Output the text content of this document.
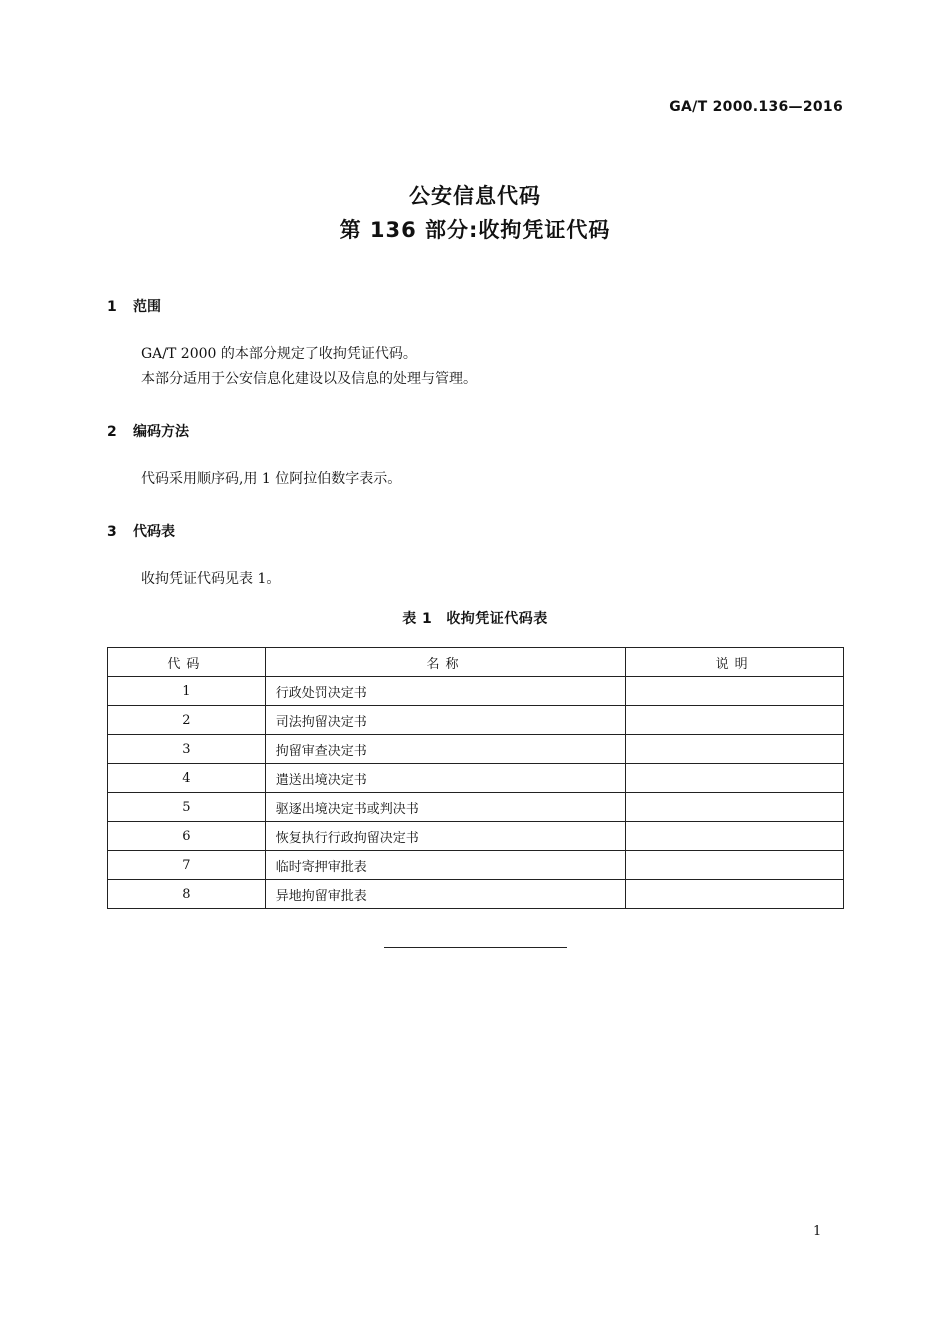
GA/T 2000.136—2016
公安信息代码
第 136 部分:收拘凭证代码
1 范围
GA/T 2000 的本部分规定了收拘凭证代码。
本部分适用于公安信息化建设以及信息的处理与管理。
2 编码方法
代码采用顺序码,用 1 位阿拉伯数字表示。
3 代码表
收拘凭证代码见表 1。
表 1 收拘凭证代码表
代码	名称	说明
1	行政处罚决定书	
2	司法拘留决定书	
3	拘留审查决定书	
4	遣送出境决定书	
5	驱逐出境决定书或判决书	
6	恢复执行行政拘留决定书	
7	临时寄押审批表	
8	异地拘留审批表	
1
